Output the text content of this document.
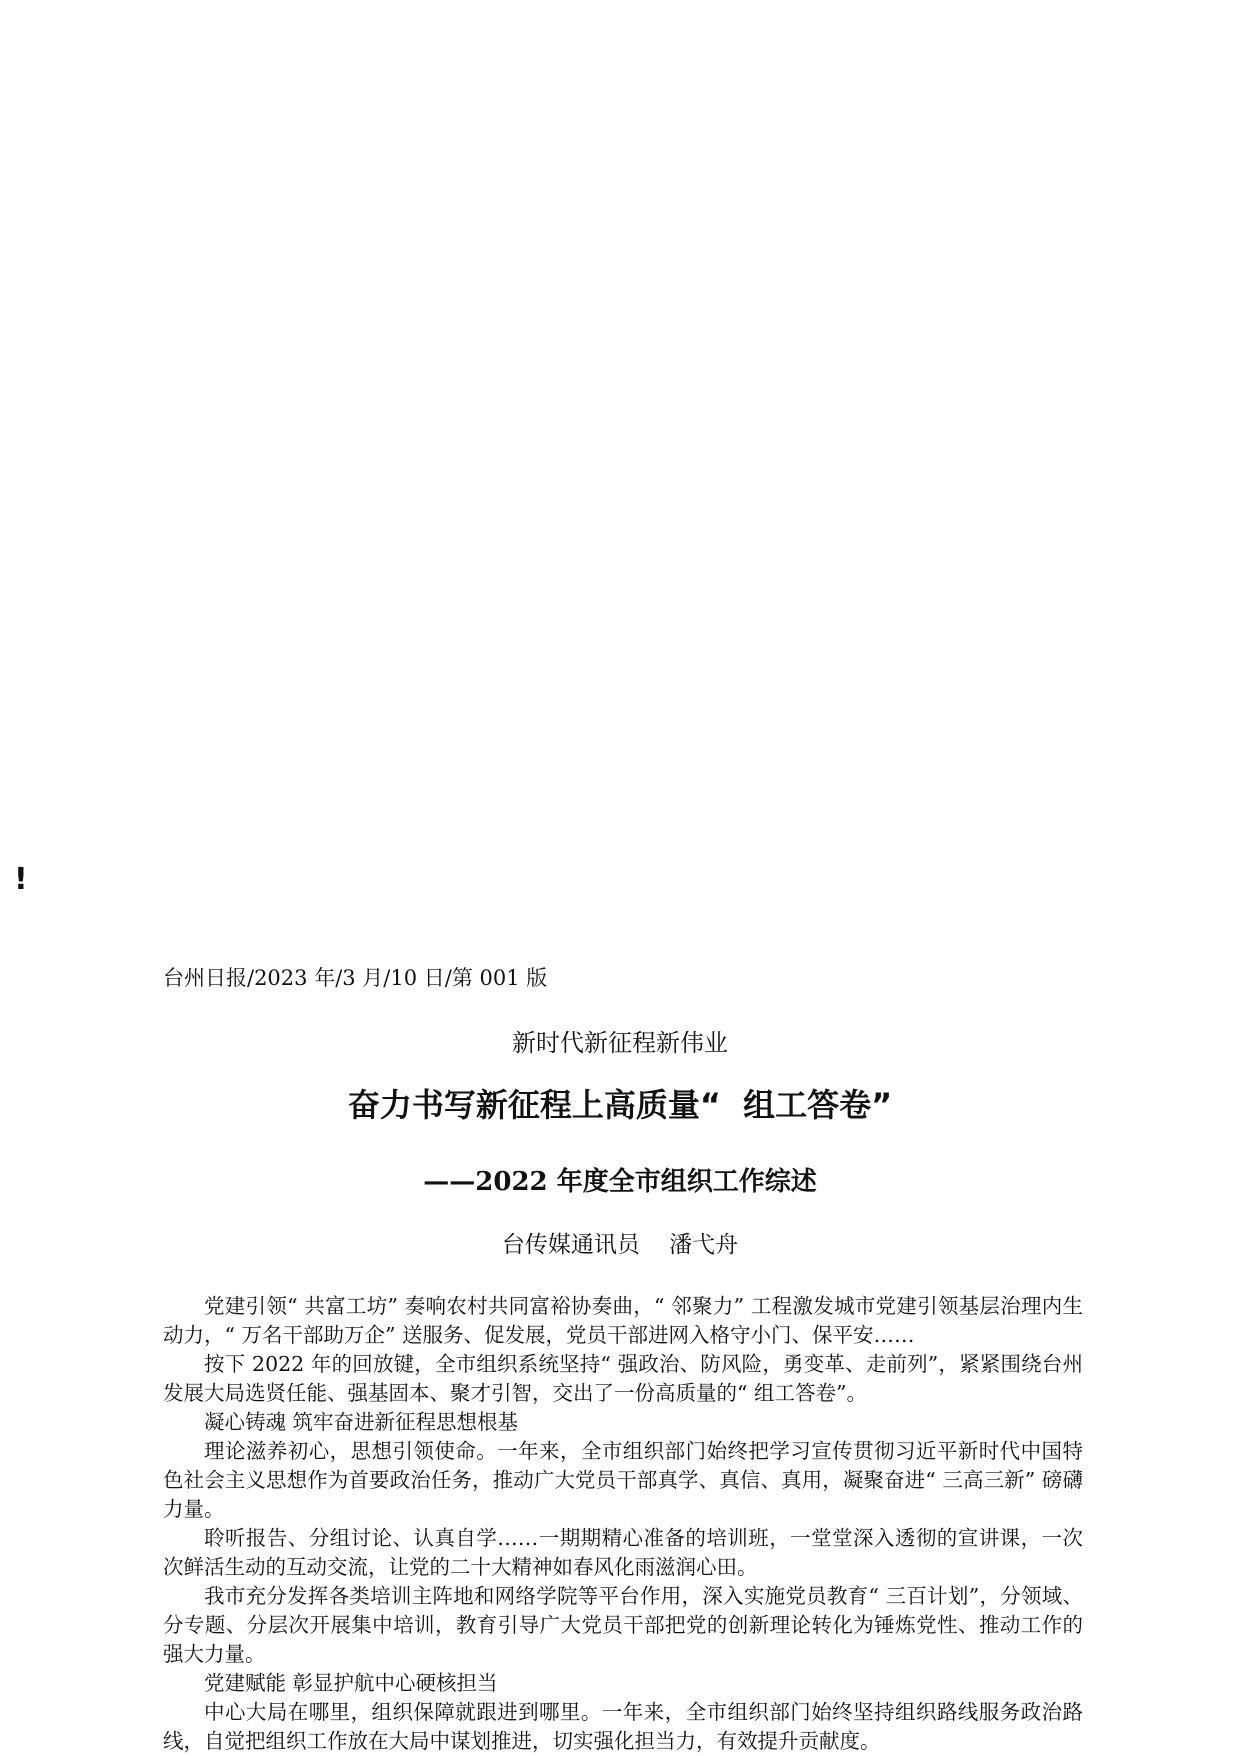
!
台州日报/2023 年/3 月/10 日/第 001 版
新时代新征程新伟业
奋力书写新征程上高质量“  组工答卷”
——2022 年度全市组织工作综述
台传媒通讯员    潘弋舟

党建引领“ 共富工坊” 奏响农村共同富裕协奏曲，“ 邻聚力” 工程激发城市党建引领基层治理内生动力，“ 万名干部助万企” 送服务、促发展，党员干部进网入格守小门、保平安……

按下 2022 年的回放键，全市组织系统坚持“ 强政治、防风险，勇变革、走前列”，紧紧围绕台州发展大局选贤任能、强基固本、聚才引智，交出了一份高质量的“ 组工答卷”。

凝心铸魂 筑牢奋进新征程思想根基

理论滋养初心，思想引领使命。一年来，全市组织部门始终把学习宣传贯彻习近平新时代中国特色社会主义思想作为首要政治任务，推动广大党员干部真学、真信、真用，凝聚奋进“ 三高三新” 磅礴力量。

聆听报告、分组讨论、认真自学……一期期精心准备的培训班，一堂堂深入透彻的宣讲课，一次次鲜活生动的互动交流，让党的二十大精神如春风化雨滋润心田。

我市充分发挥各类培训主阵地和网络学院等平台作用，深入实施党员教育“ 三百计划”，分领域、分专题、分层次开展集中培训，教育引导广大党员干部把党的创新理论转化为锤炼党性、推动工作的强大力量。

党建赋能 彰显护航中心硬核担当

中心大局在哪里，组织保障就跟进到哪里。一年来，全市组织部门始终坚持组织路线服务政治路线，自觉把组织工作放在大局中谋划推进，切实强化担当力，有效提升贡献度。
